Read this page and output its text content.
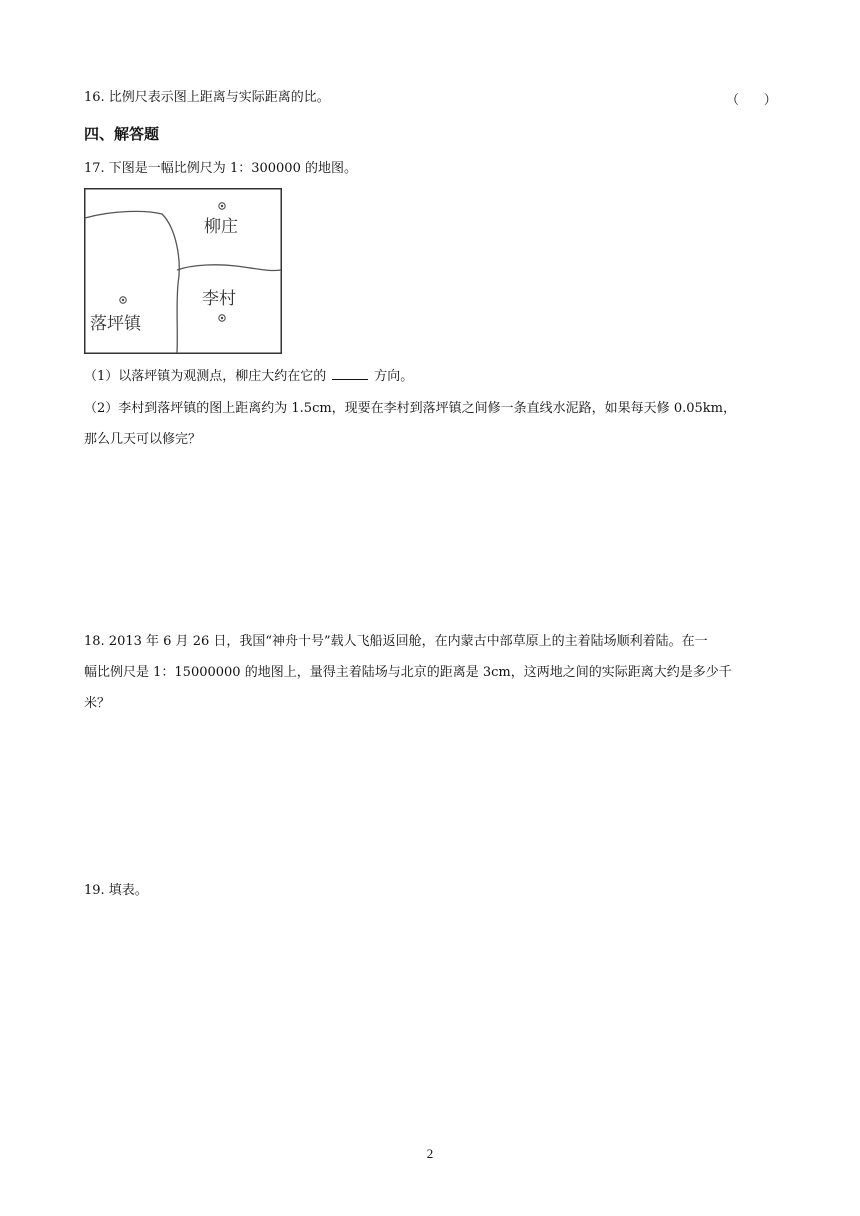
16. 比例尺表示图上距离与实际距离的比。	（      ）
四、解答题
17. 下图是一幅比例尺为 1：300000 的地图。
柳庄
李村
落坪镇
（1）以落坪镇为观测点，柳庄大约在它的	方向。
（2）李村到落坪镇的图上距离约为 1.5cm，现要在李村到落坪镇之间修一条直线水泥路，如果每天修 0.05km，
那么几天可以修完？
18. 2013 年 6 月 26 日，我国“神舟十号”载人飞船返回舱，在内蒙古中部草原上的主着陆场顺利着陆。在一
幅比例尺是 1：15000000 的地图上，量得主着陆场与北京的距离是 3cm，这两地之间的实际距离大约是多少千
米？
19. 填表。
2
